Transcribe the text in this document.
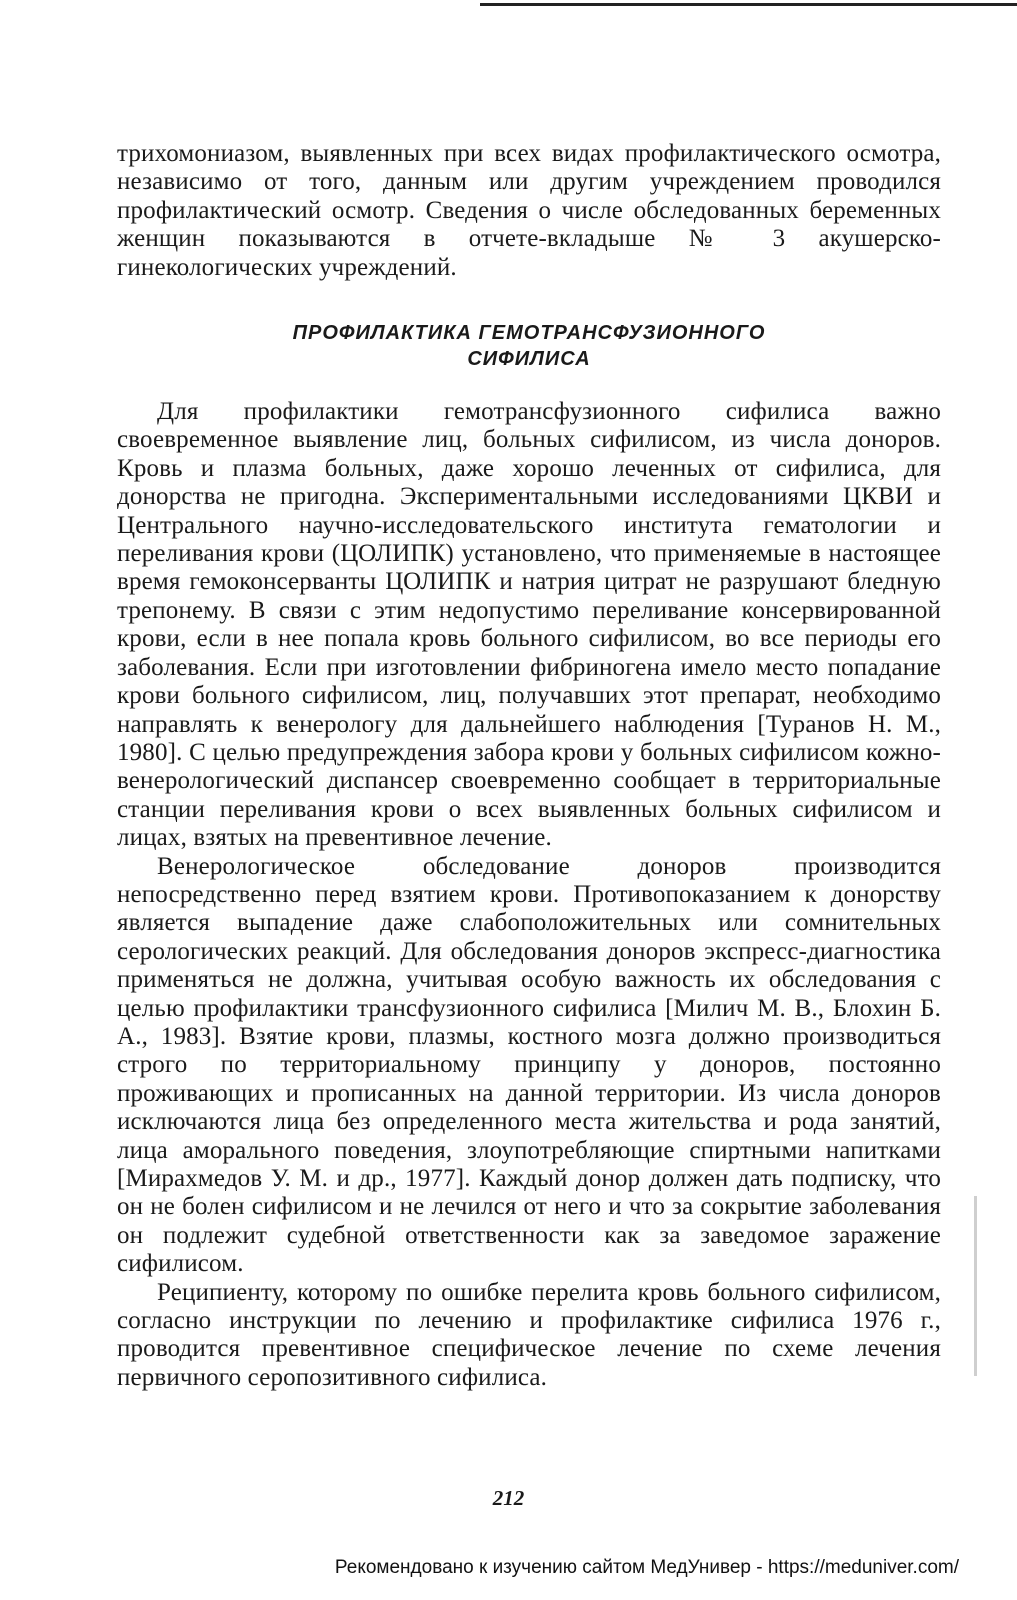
трихомониазом, выявленных при всех видах профилактического осмотра, независимо от того, данным или другим учреждением проводился профилактический осмотр. Сведения о числе обследованных беременных женщин показываются в отчете-вкладыше № 3 акушерско-гинекологических учреждений.

ПРОФИЛАКТИКА ГЕМОТРАНСФУЗИОННОГО
СИФИЛИСА

Для профилактики гемотрансфузионного сифилиса важно своевременное выявление лиц, больных сифилисом, из числа доноров. Кровь и плазма больных, даже хорошо леченных от сифилиса, для донорства не пригодна. Экспериментальными исследованиями ЦКВИ и Центрального научно-исследовательского института гематологии и переливания крови (ЦОЛИПК) установлено, что применяемые в настоящее время гемоконсерванты ЦОЛИПК и натрия цитрат не разрушают бледную трепонему. В связи с этим недопустимо переливание консервированной крови, если в нее попала кровь больного сифилисом, во все периоды его заболевания. Если при изготовлении фибриногена имело место попадание крови больного сифилисом, лиц, получавших этот препарат, необходимо направлять к венерологу для дальнейшего наблюдения [Туранов Н. М., 1980]. С целью предупреждения забора крови у больных сифилисом кожно-венерологический диспансер своевременно сообщает в территориальные станции переливания крови о всех выявленных больных сифилисом и лицах, взятых на превентивное лечение.

Венерологическое обследование доноров производится непосредственно перед взятием крови. Противопоказанием к донорству является выпадение даже слабоположительных или сомнительных серологических реакций. Для обследования доноров экспресс-диагностика применяться не должна, учитывая особую важность их обследования с целью профилактики трансфузионного сифилиса [Милич М. В., Блохин Б. А., 1983]. Взятие крови, плазмы, костного мозга должно производиться строго по территориальному принципу у доноров, постоянно проживающих и прописанных на данной территории. Из числа доноров исключаются лица без определенного места жительства и рода занятий, лица аморального поведения, злоупотребляющие спиртными напитками [Мирахмедов У. М. и др., 1977]. Каждый донор должен дать подписку, что он не болен сифилисом и не лечился от него и что за сокрытие заболевания он подлежит судебной ответственности как за заведомое заражение сифилисом.

Реципиенту, которому по ошибке перелита кровь больного сифилисом, согласно инструкции по лечению и профилактике сифилиса 1976 г., проводится превентивное специфическое лечение по схеме лечения первичного серопозитивного сифилиса.

212
Рекомендовано к изучению сайтом МедУнивер - https://meduniver.com/
